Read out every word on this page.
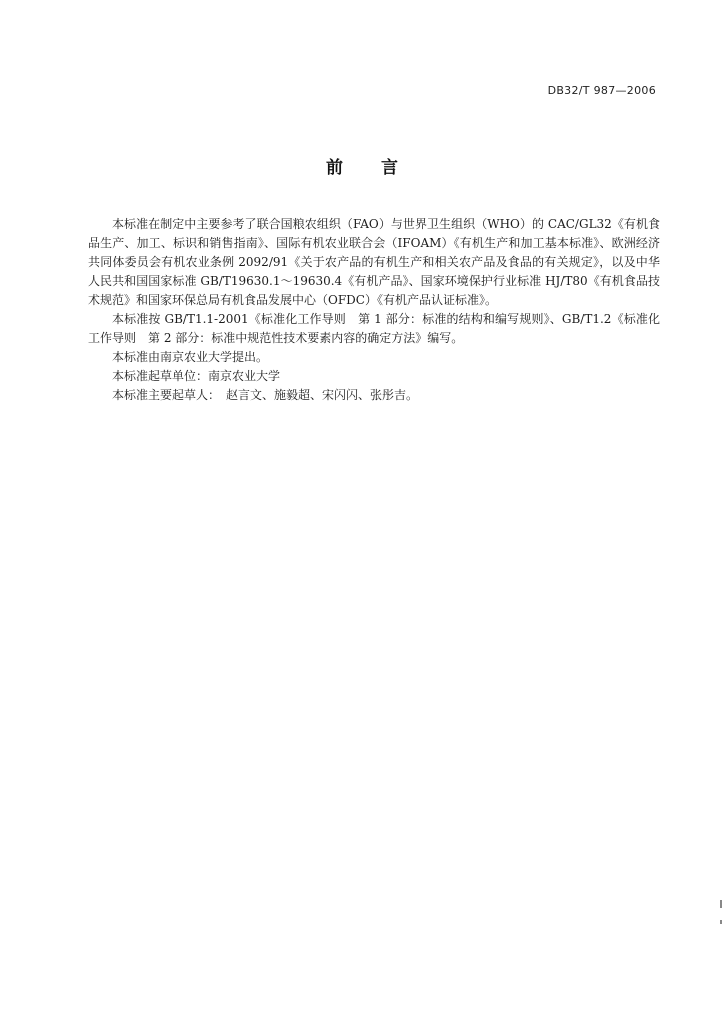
DB32/T 987—2006
前言

本标准在制定中主要参考了联合国粮农组织（FAO）与世界卫生组织（WHO）的 CAC/GL32《有机食品生产、加工、标识和销售指南》、国际有机农业联合会（IFOAM）《有机生产和加工基本标准》、欧洲经济共同体委员会有机农业条例 2092/91《关于农产品的有机生产和相关农产品及食品的有关规定》，以及中华人民共和国国家标准 GB/T19630.1～19630.4《有机产品》、国家环境保护行业标准 HJ/T80《有机食品技术规范》和国家环保总局有机食品发展中心（OFDC）《有机产品认证标准》。

本标准按 GB/T1.1-2001《标准化工作导则　第 1 部分：标准的结构和编写规则》、GB/T1.2《标准化工作导则　第 2 部分：标准中规范性技术要素内容的确定方法》编写。

本标准由南京农业大学提出。

本标准起草单位：南京农业大学

本标准主要起草人：　赵言文、施毅超、宋闪闪、张彤吉。
